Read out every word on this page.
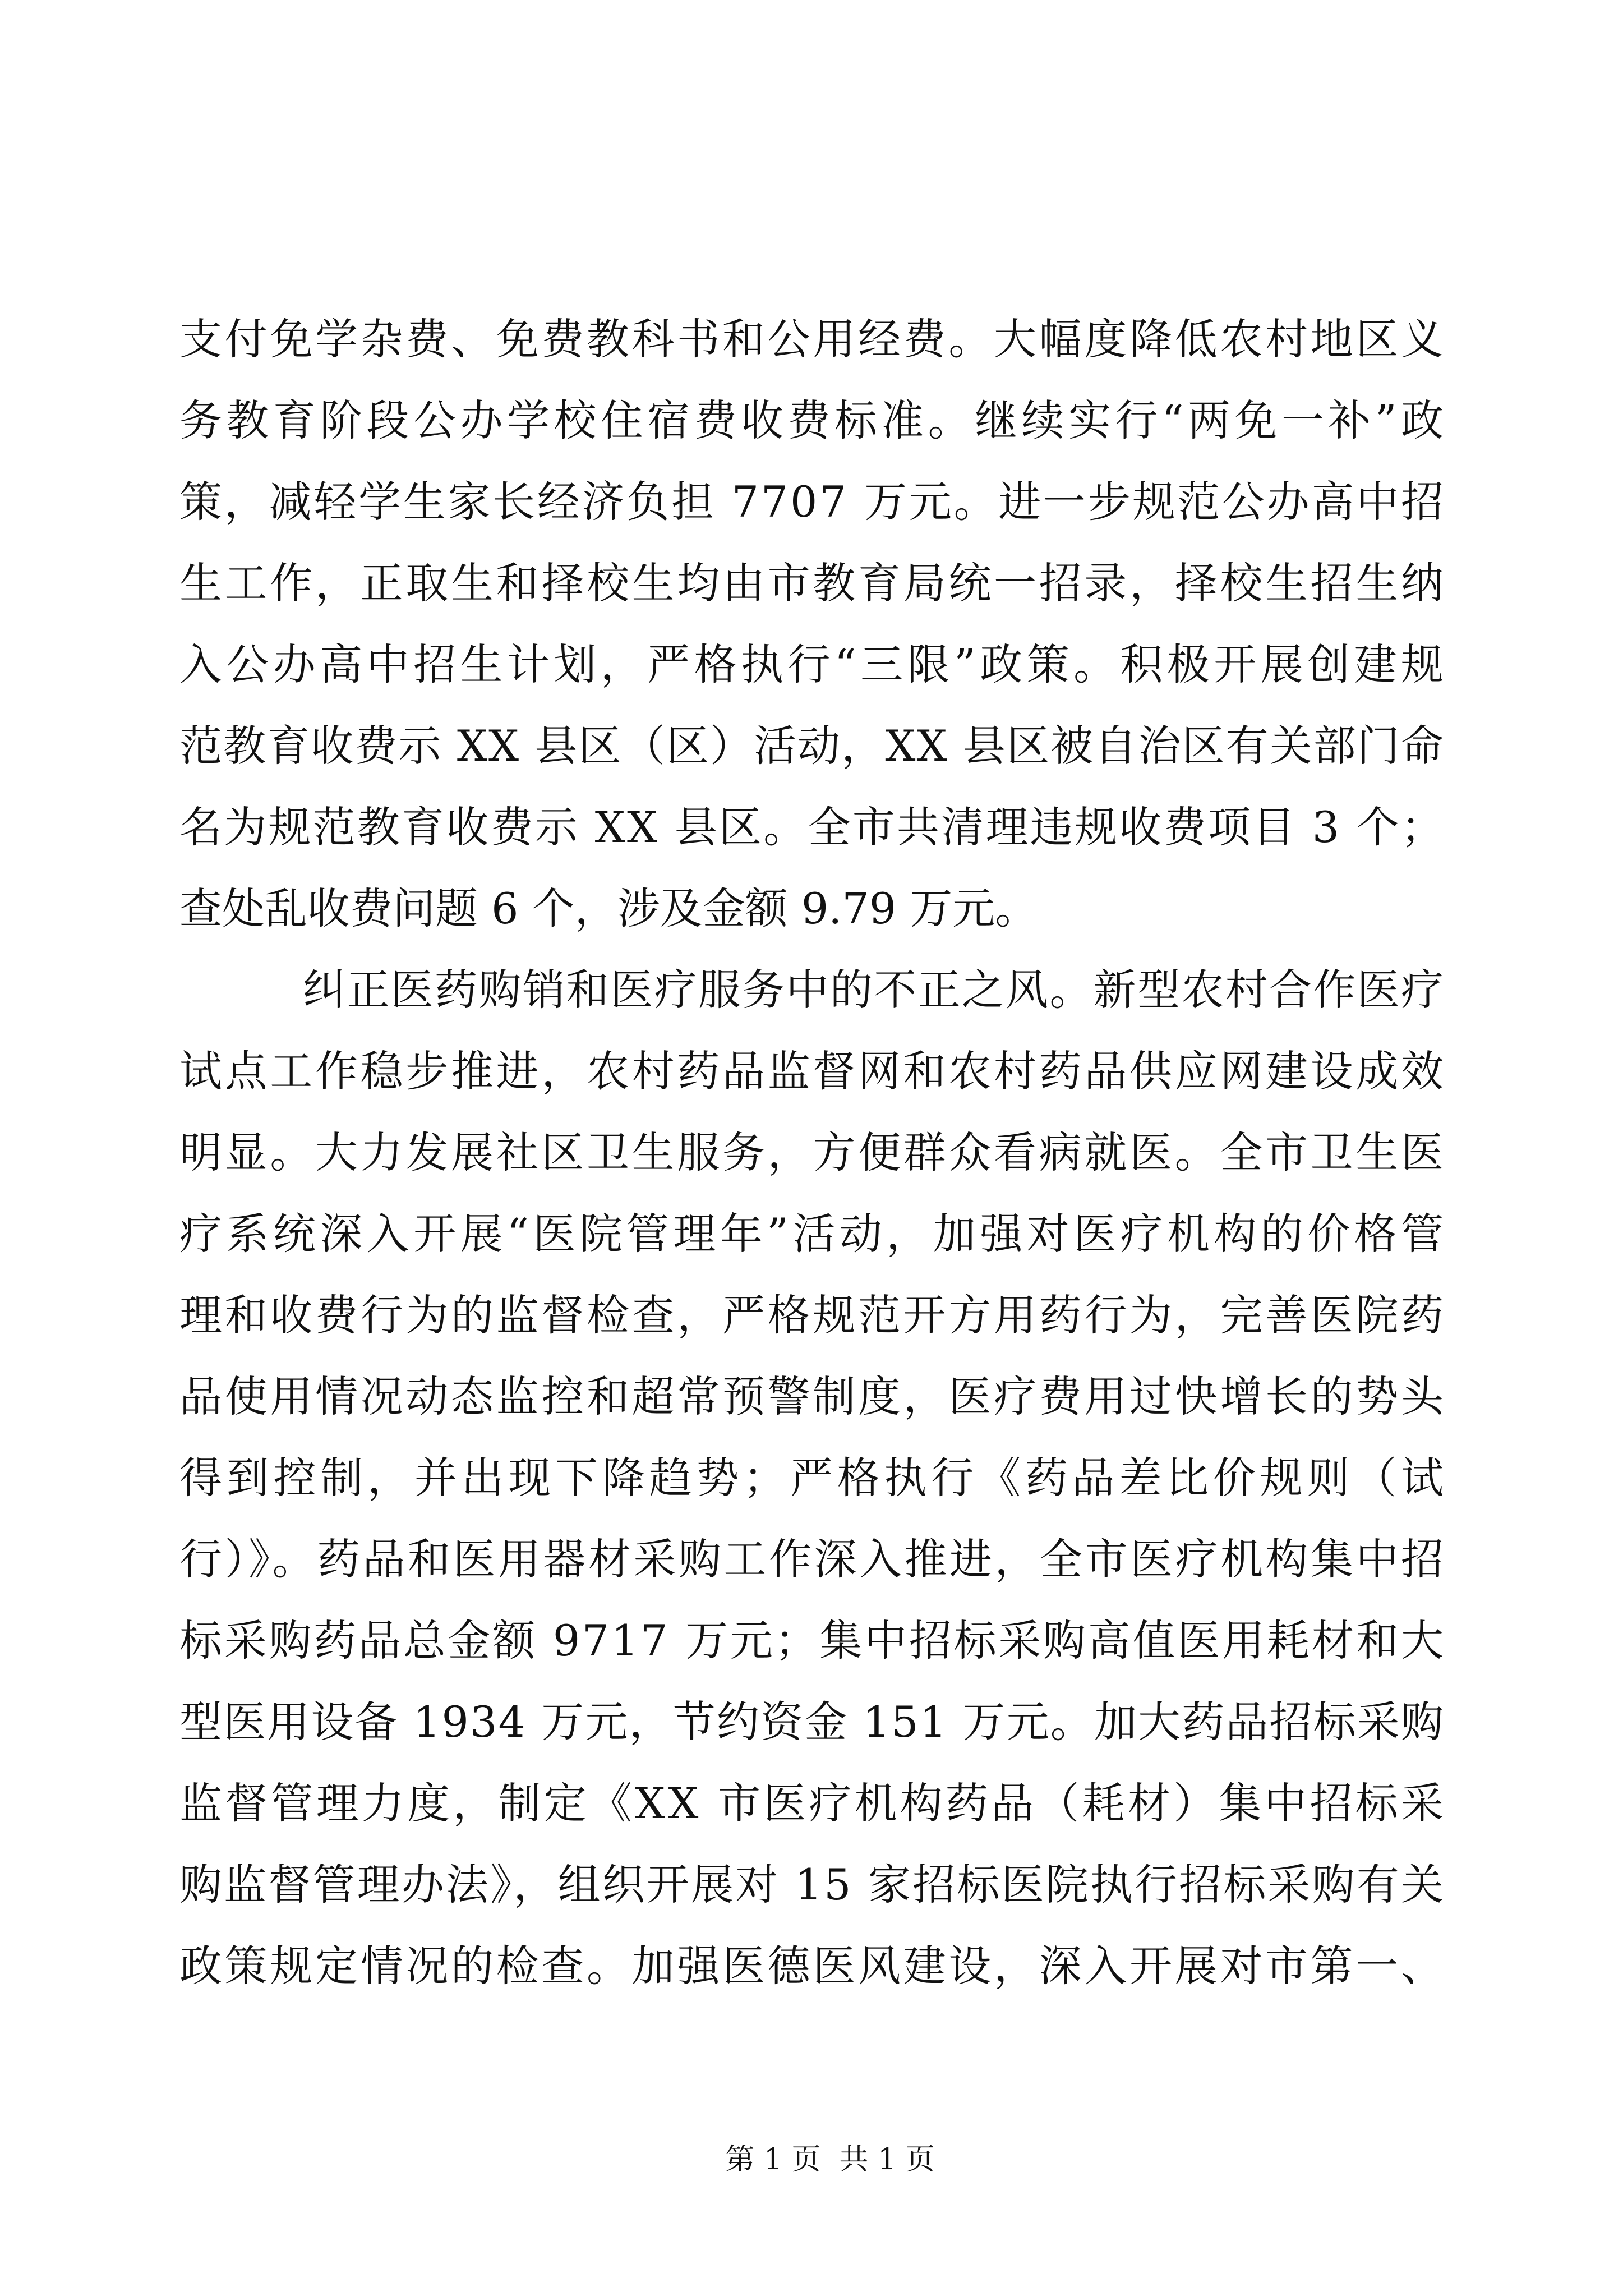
支付免学杂费、免费教科书和公用经费。大幅度降低农村地区义
务教育阶段公办学校住宿费收费标准。继续实行“两免一补”政
策，减轻学生家长经济负担 7707 万元。进一步规范公办高中招
生工作，正取生和择校生均由市教育局统一招录，择校生招生纳
入公办高中招生计划，严格执行“三限”政策。积极开展创建规
范教育收费示 XX 县区（区）活动，XX 县区被自治区有关部门命
名为规范教育收费示 XX 县区。全市共清理违规收费项目 3 个；
查处乱收费问题 6 个，涉及金额 9.79 万元。
纠正医药购销和医疗服务中的不正之风。新型农村合作医疗
试点工作稳步推进，农村药品监督网和农村药品供应网建设成效
明显。大力发展社区卫生服务，方便群众看病就医。全市卫生医
疗系统深入开展“医院管理年”活动，加强对医疗机构的价格管
理和收费行为的监督检查，严格规范开方用药行为，完善医院药
品使用情况动态监控和超常预警制度，医疗费用过快增长的势头
得到控制，并出现下降趋势；严格执行《药品差比价规则（试
行）》。药品和医用器材采购工作深入推进，全市医疗机构集中招
标采购药品总金额 9717 万元；集中招标采购高值医用耗材和大
型医用设备 1934 万元，节约资金 151 万元。加大药品招标采购
监督管理力度，制定《XX 市医疗机构药品（耗材）集中招标采
购监督管理办法》，组织开展对 15 家招标医院执行招标采购有关
政策规定情况的检查。加强医德医风建设，深入开展对市第一、

第 1 页  共 1 页
